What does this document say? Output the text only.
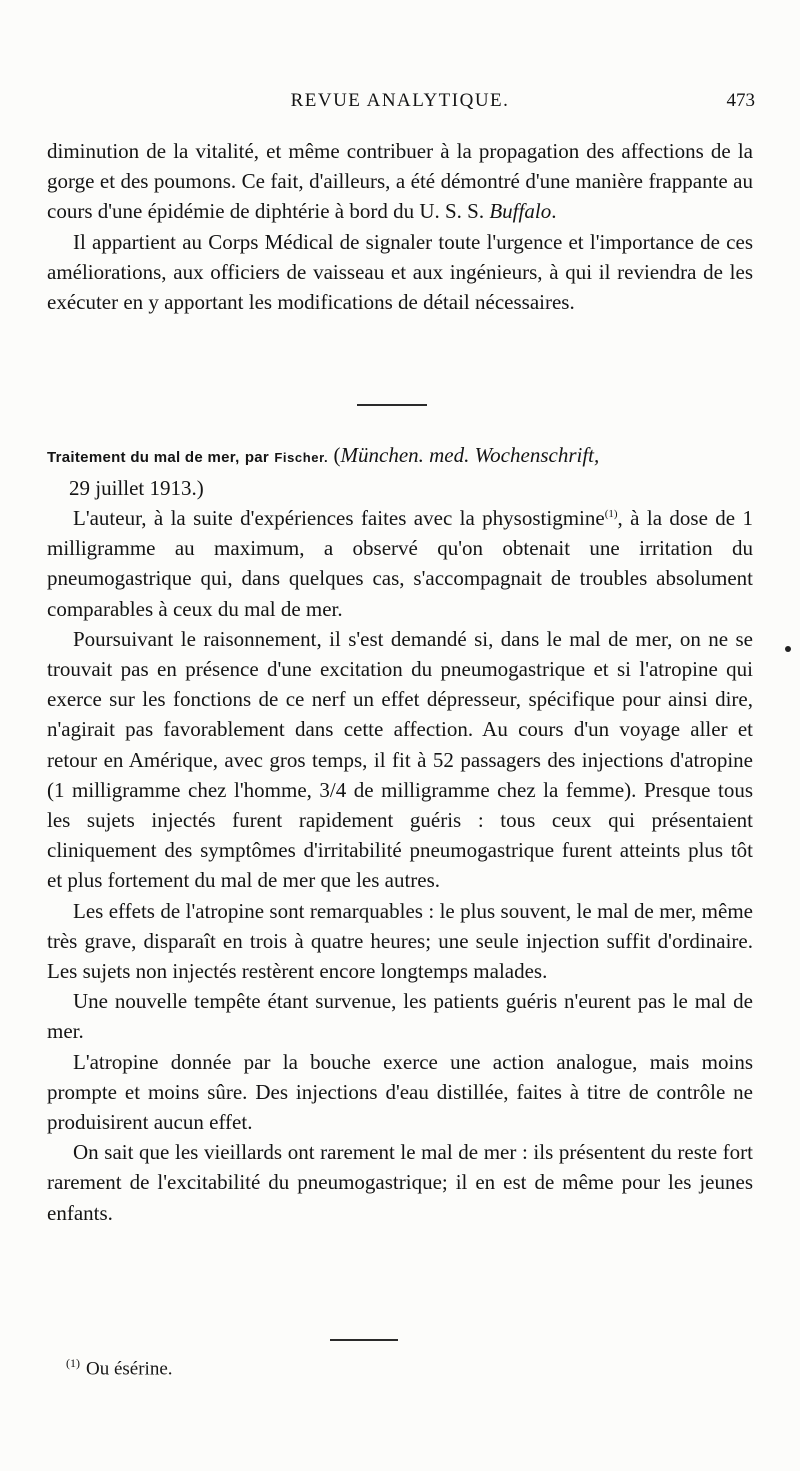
REVUE ANALYTIQUE.	473

diminution de la vitalité, et même contribuer à la propagation des affections de la gorge et des poumons. Ce fait, d'ailleurs, a été démontré d'une manière frappante au cours d'une épidémie de diphtérie à bord du U. S. S. Buffalo.

Il appartient au Corps Médical de signaler toute l'urgence et l'importance de ces améliorations, aux officiers de vaisseau et aux ingénieurs, à qui il reviendra de les exécuter en y apportant les modifications de détail nécessaires.

Traitement du mal de mer, par Fischer. (München. med. Wochenschrift,
29 juillet 1913.)

L'auteur, à la suite d'expériences faites avec la physostigmine$^{(1)}$, à la dose de 1 milligramme au maximum, a observé qu'on obtenait une irritation du pneumogastrique qui, dans quelques cas, s'accompagnait de troubles absolument comparables à ceux du mal de mer.

Poursuivant le raisonnement, il s'est demandé si, dans le mal de mer, on ne se trouvait pas en présence d'une excitation du pneumogastrique et si l'atropine qui exerce sur les fonctions de ce nerf un effet dépresseur, spécifique pour ainsi dire, n'agirait pas favorablement dans cette affection. Au cours d'un voyage aller et retour en Amérique, avec gros temps, il fit à 52 passagers des injections d'atropine (1 milligramme chez l'homme, 3/4 de milligramme chez la femme). Presque tous les sujets injectés furent rapidement guéris : tous ceux qui présentaient cliniquement des symptômes d'irritabilité pneumogastrique furent atteints plus tôt et plus fortement du mal de mer que les autres.

Les effets de l'atropine sont remarquables : le plus souvent, le mal de mer, même très grave, disparaît en trois à quatre heures; une seule injection suffit d'ordinaire. Les sujets non injectés restèrent encore longtemps malades.

Une nouvelle tempête étant survenue, les patients guéris n'eurent pas le mal de mer.

L'atropine donnée par la bouche exerce une action analogue, mais moins prompte et moins sûre. Des injections d'eau distillée, faites à titre de contrôle ne produisirent aucun effet.

On sait que les vieillards ont rarement le mal de mer : ils présentent du reste fort rarement de l'excitabilité du pneumogastrique; il en est de même pour les jeunes enfants.

$^{(1)}$ Ou ésérine.
